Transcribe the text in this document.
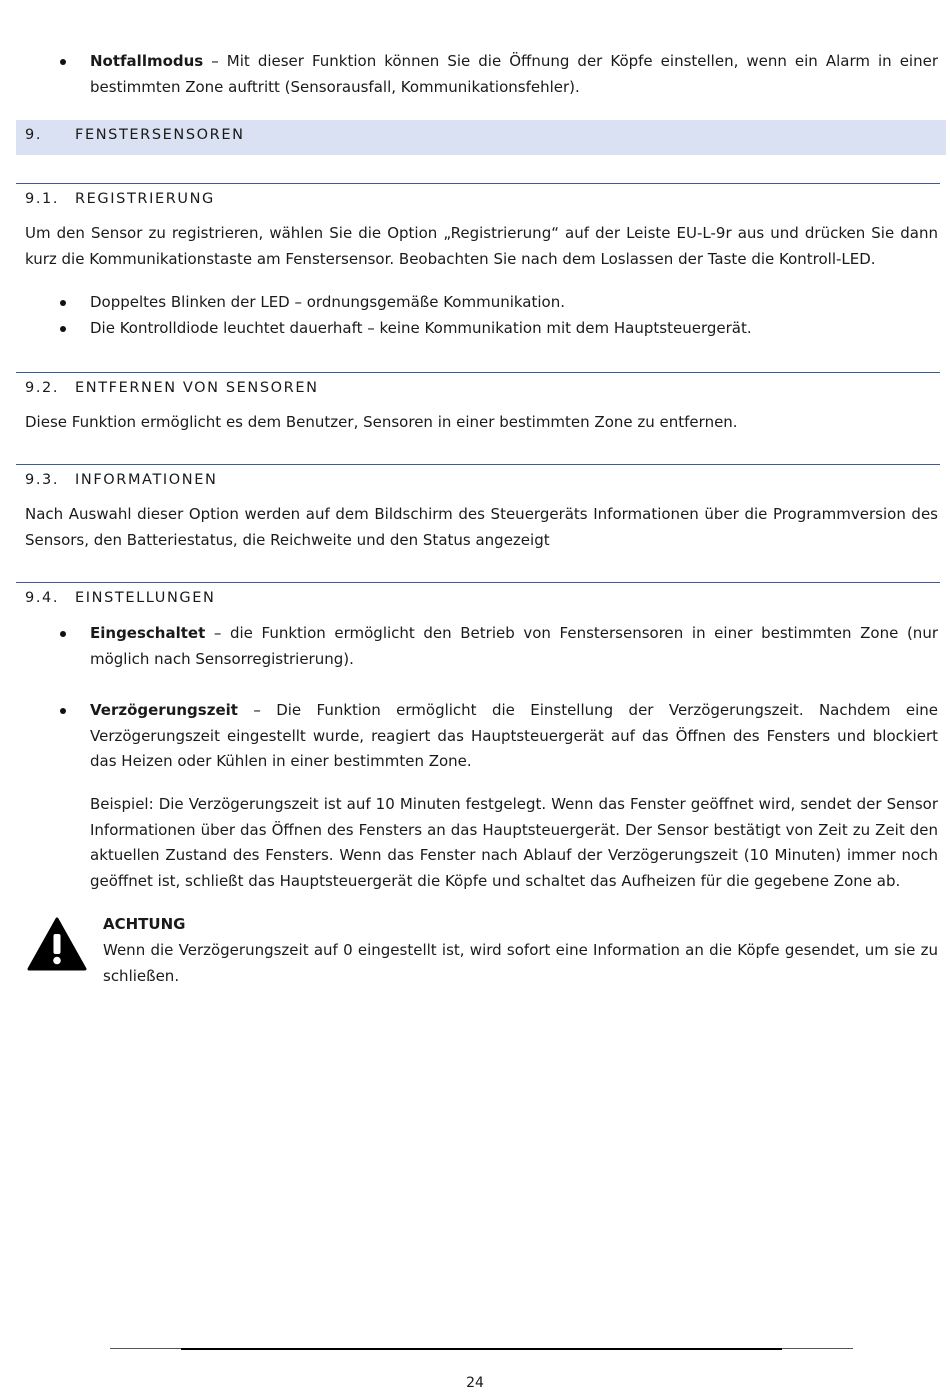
Notfallmodus – Mit dieser Funktion können Sie die Öffnung der Köpfe einstellen, wenn ein Alarm in einer bestimmten Zone auftritt (Sensorausfall, Kommunikationsfehler).
9. FENSTERSENSOREN
9.1. REGISTRIERUNG
Um den Sensor zu registrieren, wählen Sie die Option „Registrierung“ auf der Leiste EU-L-9r aus und drücken Sie dann kurz die Kommunikationstaste am Fenstersensor. Beobachten Sie nach dem Loslassen der Taste die Kontroll-LED.
Doppeltes Blinken der LED – ordnungsgemäße Kommunikation.
Die Kontrolldiode leuchtet dauerhaft – keine Kommunikation mit dem Hauptsteuergerät.
9.2. ENTFERNEN VON SENSOREN
Diese Funktion ermöglicht es dem Benutzer, Sensoren in einer bestimmten Zone zu entfernen.
9.3. INFORMATIONEN
Nach Auswahl dieser Option werden auf dem Bildschirm des Steuergeräts Informationen über die Programmversion des Sensors, den Batteriestatus, die Reichweite und den Status angezeigt
9.4. EINSTELLUNGEN
Eingeschaltet – die Funktion ermöglicht den Betrieb von Fenstersensoren in einer bestimmten Zone (nur möglich nach Sensorregistrierung).
Verzögerungszeit – Die Funktion ermöglicht die Einstellung der Verzögerungszeit. Nachdem eine Verzögerungszeit eingestellt wurde, reagiert das Hauptsteuergerät auf das Öffnen des Fensters und blockiert das Heizen oder Kühlen in einer bestimmten Zone.
Beispiel: Die Verzögerungszeit ist auf 10 Minuten festgelegt. Wenn das Fenster geöffnet wird, sendet der Sensor Informationen über das Öffnen des Fensters an das Hauptsteuergerät. Der Sensor bestätigt von Zeit zu Zeit den aktuellen Zustand des Fensters. Wenn das Fenster nach Ablauf der Verzögerungszeit (10 Minuten) immer noch geöffnet ist, schließt das Hauptsteuergerät die Köpfe und schaltet das Aufheizen für die gegebene Zone ab.
ACHTUNG
Wenn die Verzögerungszeit auf 0 eingestellt ist, wird sofort eine Information an die Köpfe gesendet, um sie zu schließen.
24
